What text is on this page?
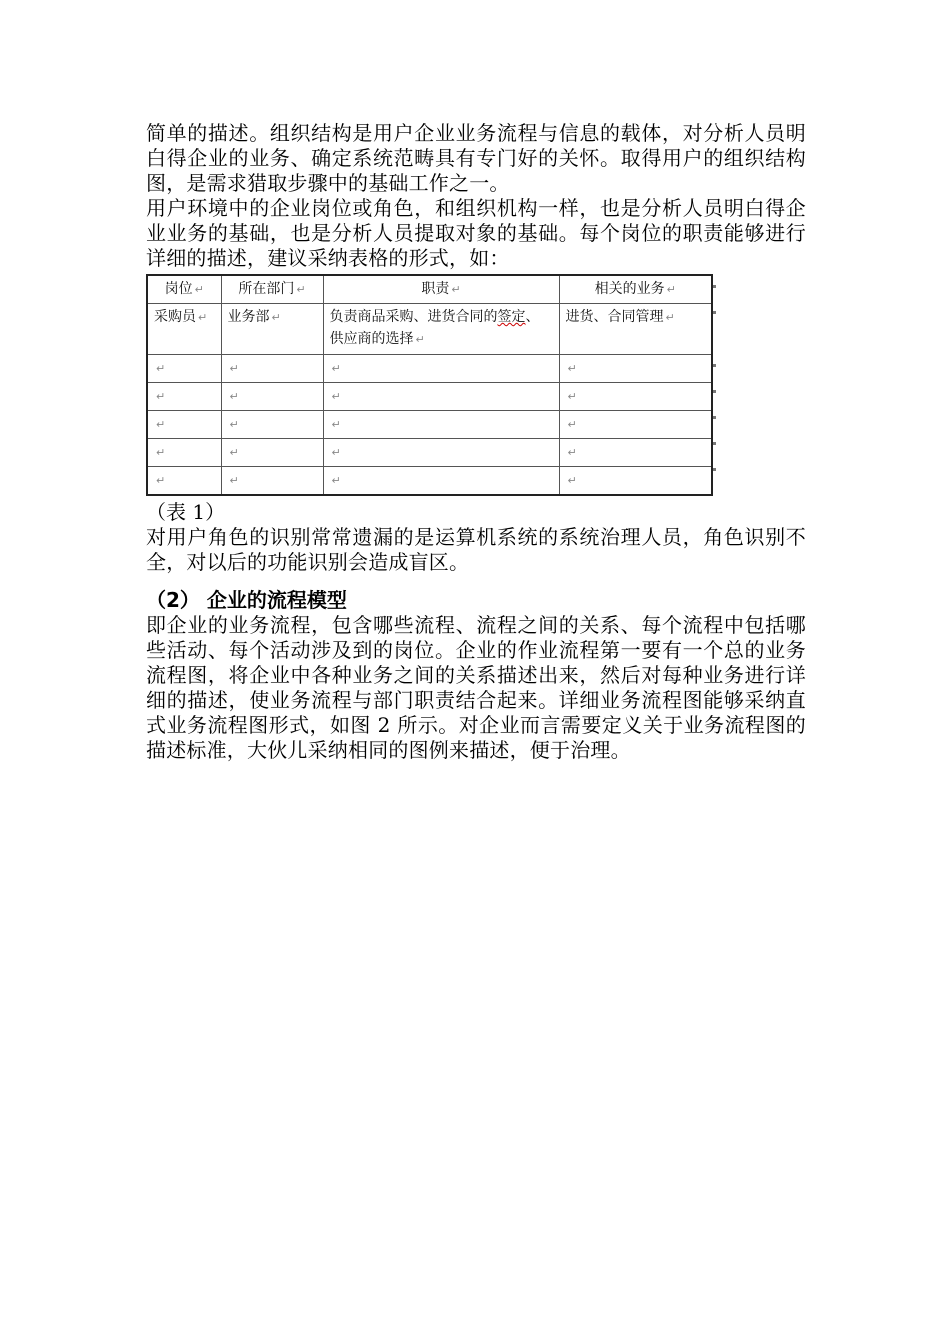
简单的描述。组织结构是用户企业业务流程与信息的载体，对分析人员明白得企业的业务、确定系统范畴具有专门好的关怀。取得用户的组织结构图，是需求猎取步骤中的基础工作之一。

用户环境中的企业岗位或角色，和组织机构一样，也是分析人员明白得企业业务的基础，也是分析人员提取对象的基础。每个岗位的职责能够进行详细的描述，建议采纳表格的形式，如：

岗位 ↵	所在部门 ↵	职责 ↵	相关的业务 ↵
采购员 ↵	业务部 ↵	负责商品采购、进货合同的签定、供应商的选择 ↵	进货、合同管理 ↵
↵	↵	↵	↵
↵	↵	↵	↵
↵	↵	↵	↵
↵	↵	↵	↵
↵	↵	↵	↵

（表 1）

对用户角色的识别常常遗漏的是运算机系统的系统治理人员，角色识别不全，对以后的功能识别会造成盲区。

（2） 企业的流程模型

即企业的业务流程，包含哪些流程、流程之间的关系、每个流程中包括哪些活动、每个活动涉及到的岗位。企业的作业流程第一要有一个总的业务流程图，将企业中各种业务之间的关系描述出来，然后对每种业务进行详细的描述，使业务流程与部门职责结合起来。详细业务流程图能够采纳直式业务流程图形式，如图 2 所示。对企业而言需要定义关于业务流程图的描述标准，大伙儿采纳相同的图例来描述，便于治理。
